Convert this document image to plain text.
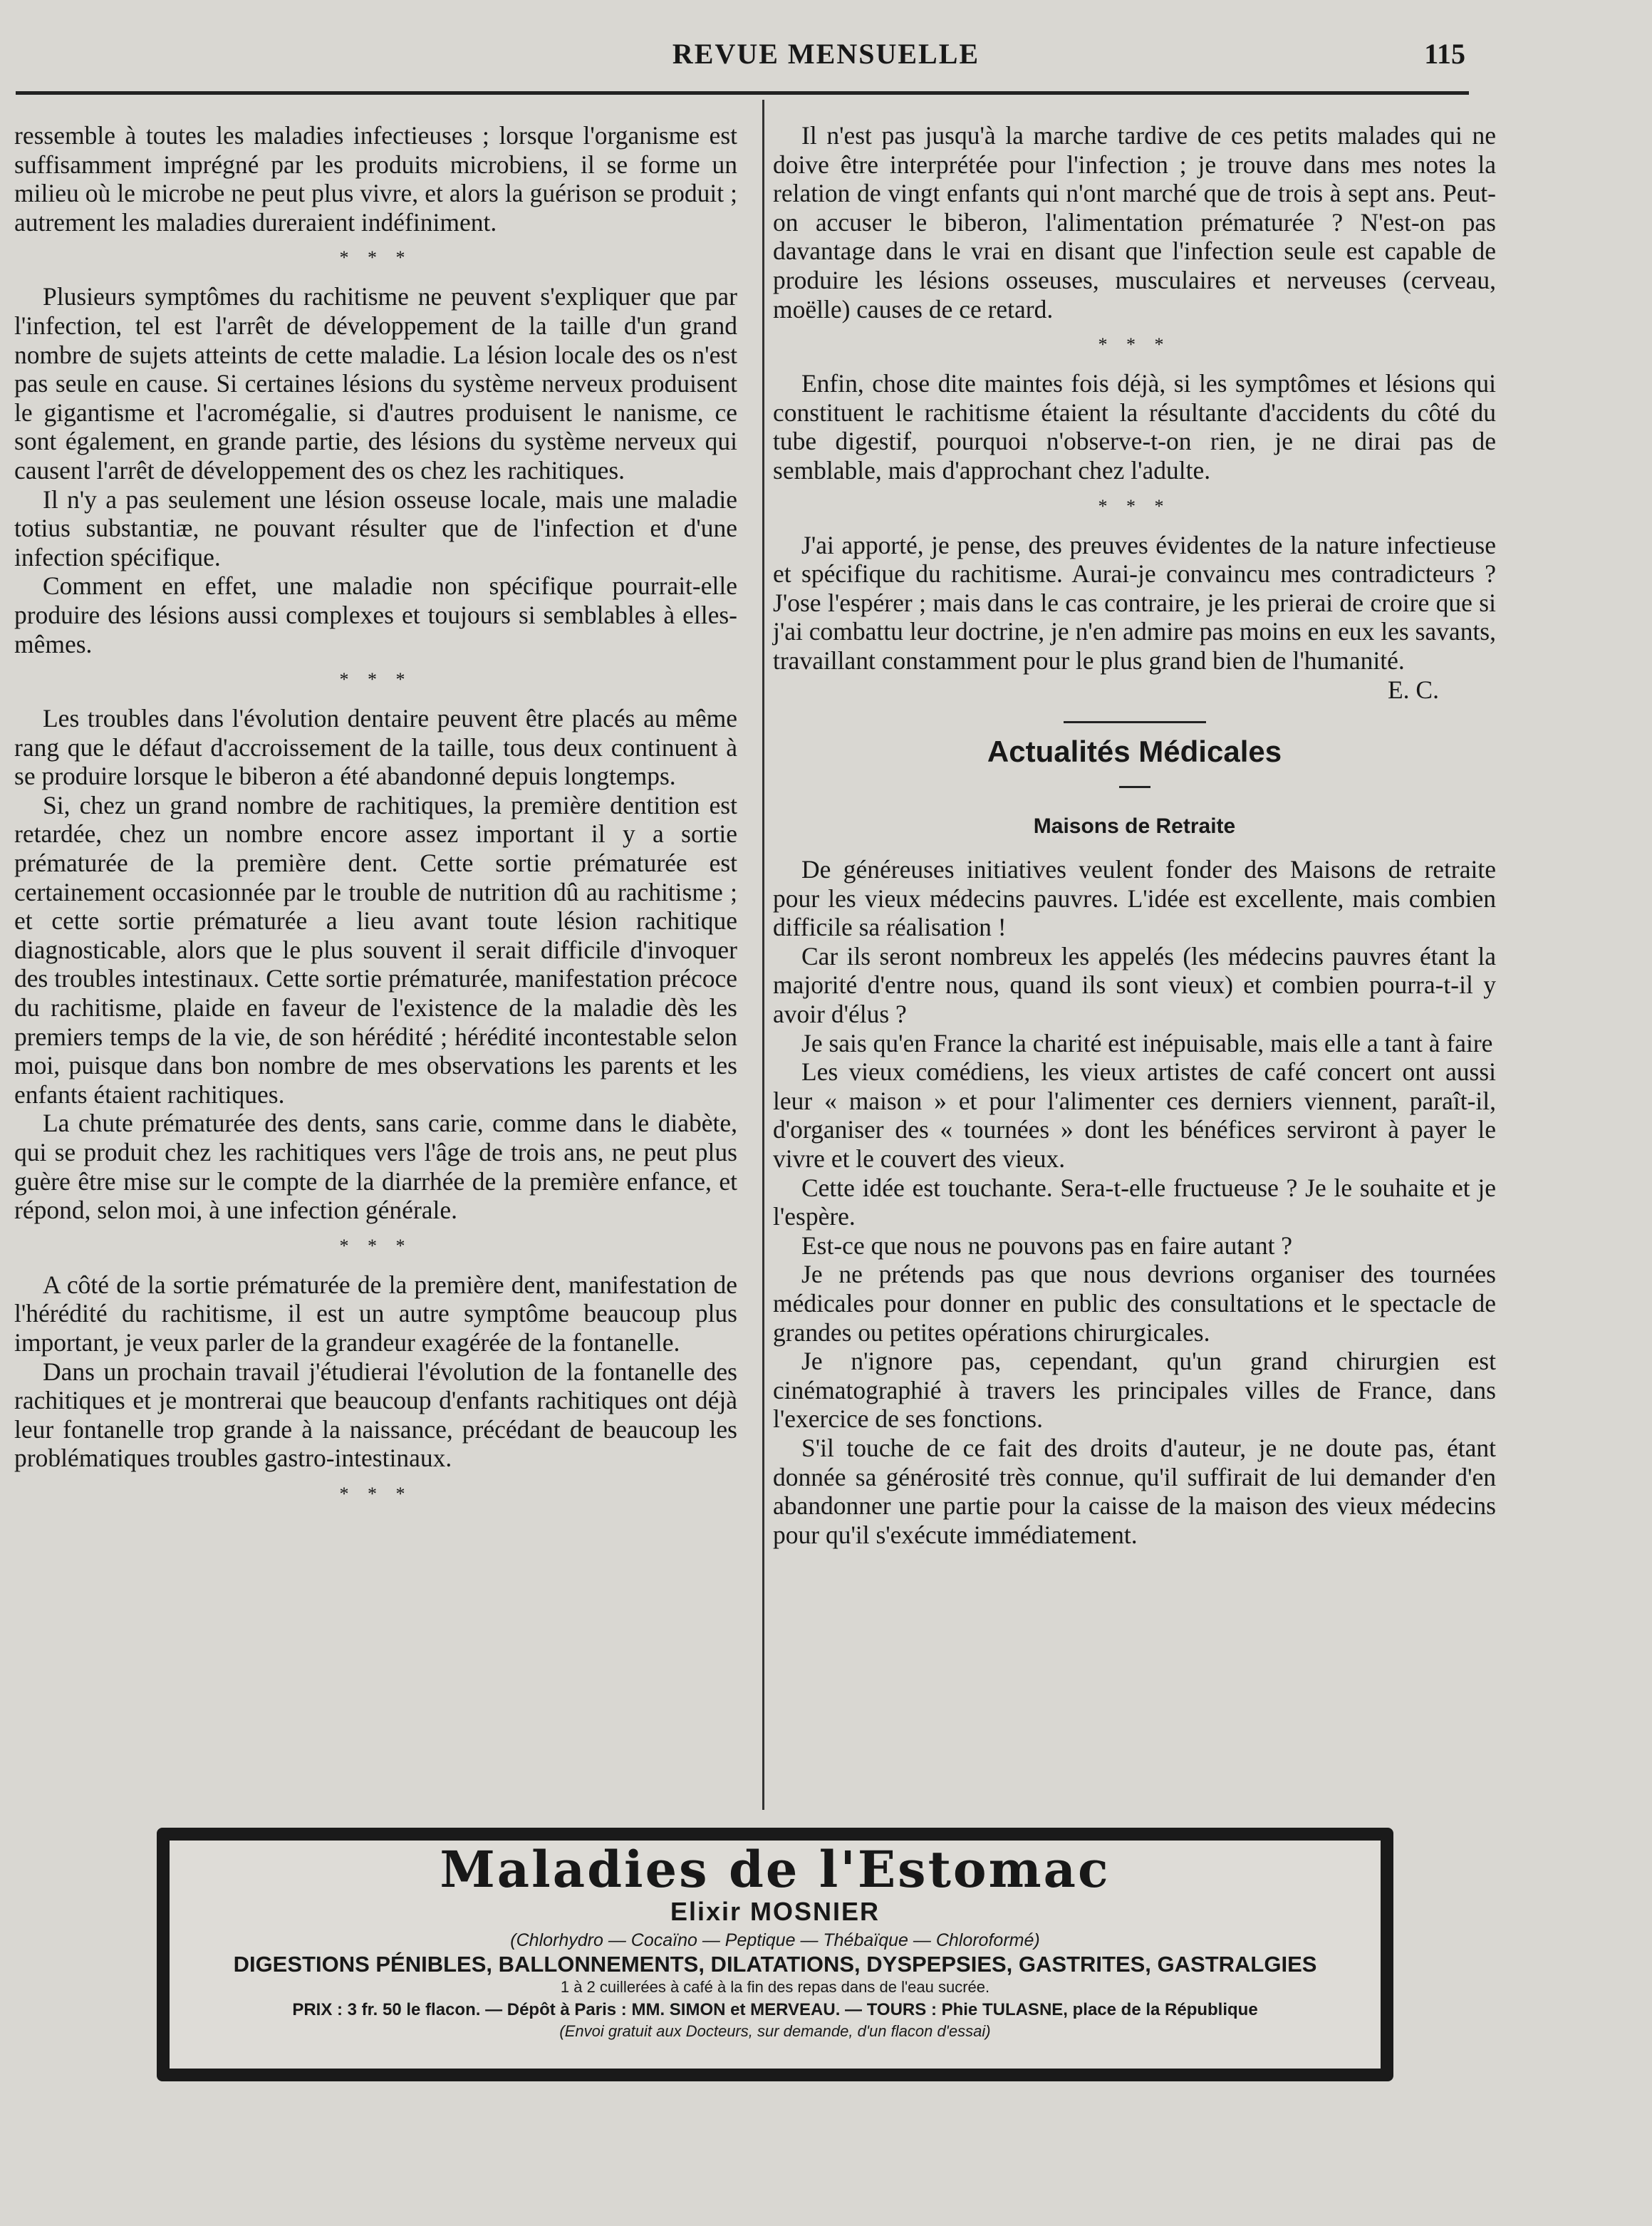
REVUE MENSUELLE	115

ressemble à toutes les maladies infectieuses ; lorsque l'organisme est suffisamment imprégné par les produits microbiens, il se forme un milieu où le microbe ne peut plus vivre, et alors la guérison se produit ; autrement les maladies dureraient indéfiniment.

* * *

Plusieurs symptômes du rachitisme ne peuvent s'expliquer que par l'infection, tel est l'arrêt de développement de la taille d'un grand nombre de sujets atteints de cette maladie. La lésion locale des os n'est pas seule en cause. Si certaines lésions du système nerveux produisent le gigantisme et l'acromégalie, si d'autres produisent le nanisme, ce sont également, en grande partie, des lésions du système nerveux qui causent l'arrêt de développement des os chez les rachitiques.

Il n'y a pas seulement une lésion osseuse locale, mais une maladie totius substantiæ, ne pouvant résulter que de l'infection et d'une infection spécifique.

Comment en effet, une maladie non spécifique pourrait-elle produire des lésions aussi complexes et toujours si semblables à elles-mêmes.

* * *

Les troubles dans l'évolution dentaire peuvent être placés au même rang que le défaut d'accroissement de la taille, tous deux continuent à se produire lorsque le biberon a été abandonné depuis longtemps.

Si, chez un grand nombre de rachitiques, la première dentition est retardée, chez un nombre encore assez important il y a sortie prématurée de la première dent. Cette sortie prématurée est certainement occasionnée par le trouble de nutrition dû au rachitisme ; et cette sortie prématurée a lieu avant toute lésion rachitique diagnosticable, alors que le plus souvent il serait difficile d'invoquer des troubles intestinaux. Cette sortie prématurée, manifestation précoce du rachitisme, plaide en faveur de l'existence de la maladie dès les premiers temps de la vie, de son hérédité ; hérédité incontestable selon moi, puisque dans bon nombre de mes observations les parents et les enfants étaient rachitiques.

La chute prématurée des dents, sans carie, comme dans le diabète, qui se produit chez les rachitiques vers l'âge de trois ans, ne peut plus guère être mise sur le compte de la diarrhée de la première enfance, et répond, selon moi, à une infection générale.

* * *

A côté de la sortie prématurée de la première dent, manifestation de l'hérédité du rachitisme, il est un autre symptôme beaucoup plus important, je veux parler de la grandeur exagérée de la fontanelle.

Dans un prochain travail j'étudierai l'évolution de la fontanelle des rachitiques et je montrerai que beaucoup d'enfants rachitiques ont déjà leur fontanelle trop grande à la naissance, précédant de beaucoup les problématiques troubles gastro-intestinaux.

* * *

Il n'est pas jusqu'à la marche tardive de ces petits malades qui ne doive être interprétée pour l'infection ; je trouve dans mes notes la relation de vingt enfants qui n'ont marché que de trois à sept ans. Peut-on accuser le biberon, l'alimentation prématurée ? N'est-on pas davantage dans le vrai en disant que l'infection seule est capable de produire les lésions osseuses, musculaires et nerveuses (cerveau, moëlle) causes de ce retard.

* * *

Enfin, chose dite maintes fois déjà, si les symptômes et lésions qui constituent le rachitisme étaient la résultante d'accidents du côté du tube digestif, pourquoi n'observe-t-on rien, je ne dirai pas de semblable, mais d'approchant chez l'adulte.

* * *

J'ai apporté, je pense, des preuves évidentes de la nature infectieuse et spécifique du rachitisme. Aurai-je convaincu mes contradicteurs ? J'ose l'espérer ; mais dans le cas contraire, je les prierai de croire que si j'ai combattu leur doctrine, je n'en admire pas moins en eux les savants, travaillant constamment pour le plus grand bien de l'humanité.

E. C.

Actualités Médicales
Maisons de Retraite

De généreuses initiatives veulent fonder des Maisons de retraite pour les vieux médecins pauvres. L'idée est excellente, mais combien difficile sa réalisation !

Car ils seront nombreux les appelés (les médecins pauvres étant la majorité d'entre nous, quand ils sont vieux) et combien pourra-t-il y avoir d'élus ?

Je sais qu'en France la charité est inépuisable, mais elle a tant à faire

Les vieux comédiens, les vieux artistes de café concert ont aussi leur « maison » et pour l'alimenter ces derniers viennent, paraît-il, d'organiser des « tournées » dont les bénéfices serviront à payer le vivre et le couvert des vieux.

Cette idée est touchante. Sera-t-elle fructueuse ? Je le souhaite et je l'espère.

Est-ce que nous ne pouvons pas en faire autant ?

Je ne prétends pas que nous devrions organiser des tournées médicales pour donner en public des consultations et le spectacle de grandes ou petites opérations chirurgicales.

Je n'ignore pas, cependant, qu'un grand chirurgien est cinématographié à travers les principales villes de France, dans l'exercice de ses fonctions.

S'il touche de ce fait des droits d'auteur, je ne doute pas, étant donnée sa générosité très connue, qu'il suffirait de lui demander d'en abandonner une partie pour la caisse de la maison des vieux médecins pour qu'il s'exécute immédiatement.

Maladies de l'Estomac
Elixir MOSNIER
(Chlorhydro — Cocaïno — Peptique — Thébaïque — Chloroformé)
DIGESTIONS PÉNIBLES, BALLONNEMENTS, DILATATIONS, DYSPEPSIES, GASTRITES, GASTRALGIES
1 à 2 cuillerées à café à la fin des repas dans de l'eau sucrée.
PRIX : 3 fr. 50 le flacon. — Dépôt à Paris : MM. SIMON et MERVEAU. — TOURS : Phie TULASNE, place de la République
(Envoi gratuit aux Docteurs, sur demande, d'un flacon d'essai)
